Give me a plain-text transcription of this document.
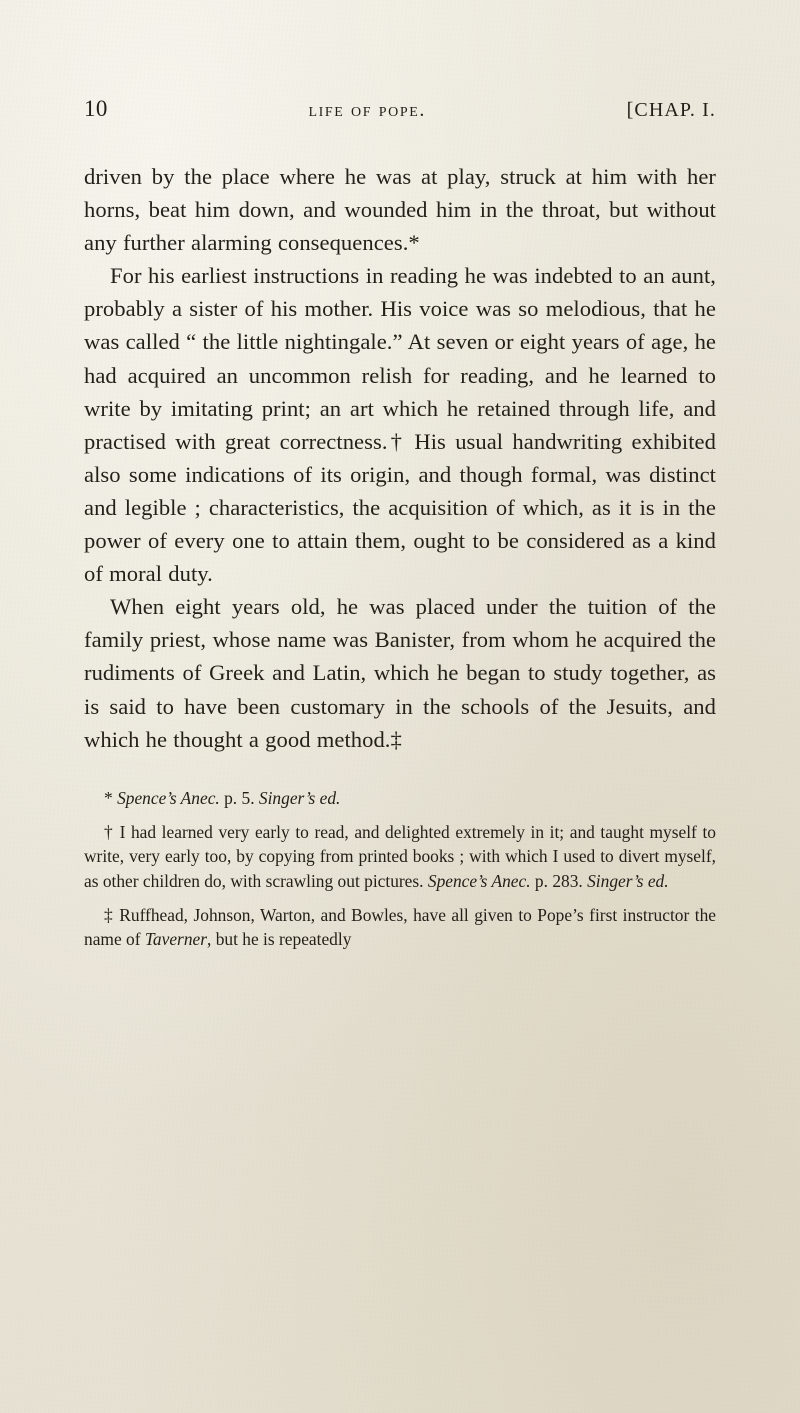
10	life of pope.	[CHAP. I.

driven by the place where he was at play, struck at him with her horns, beat him down, and wounded him in the throat, but without any further alarming consequences.*

For his earliest instructions in reading he was indebted to an aunt, probably a sister of his mother. His voice was so melodious, that he was called “ the little nightingale.” At seven or eight years of age, he had acquired an uncommon relish for reading, and he learned to write by imitating print; an art which he retained through life, and practised with great correctness.† His usual handwriting exhibited also some indications of its origin, and though formal, was distinct and legible ; characteristics, the acquisition of which, as it is in the power of every one to attain them, ought to be considered as a kind of moral duty.

When eight years old, he was placed under the tuition of the family priest, whose name was Banister, from whom he acquired the rudiments of Greek and Latin, which he began to study together, as is said to have been customary in the schools of the Jesuits, and which he thought a good method.‡

* Spence’s Anec. p. 5. Singer’s ed.

† I had learned very early to read, and delighted extremely in it; and taught myself to write, very early too, by copying from printed books ; with which I used to divert myself, as other children do, with scrawling out pictures. Spence’s Anec. p. 283. Singer’s ed.

‡ Ruffhead, Johnson, Warton, and Bowles, have all given to Pope’s first instructor the name of Taverner, but he is repeatedly
